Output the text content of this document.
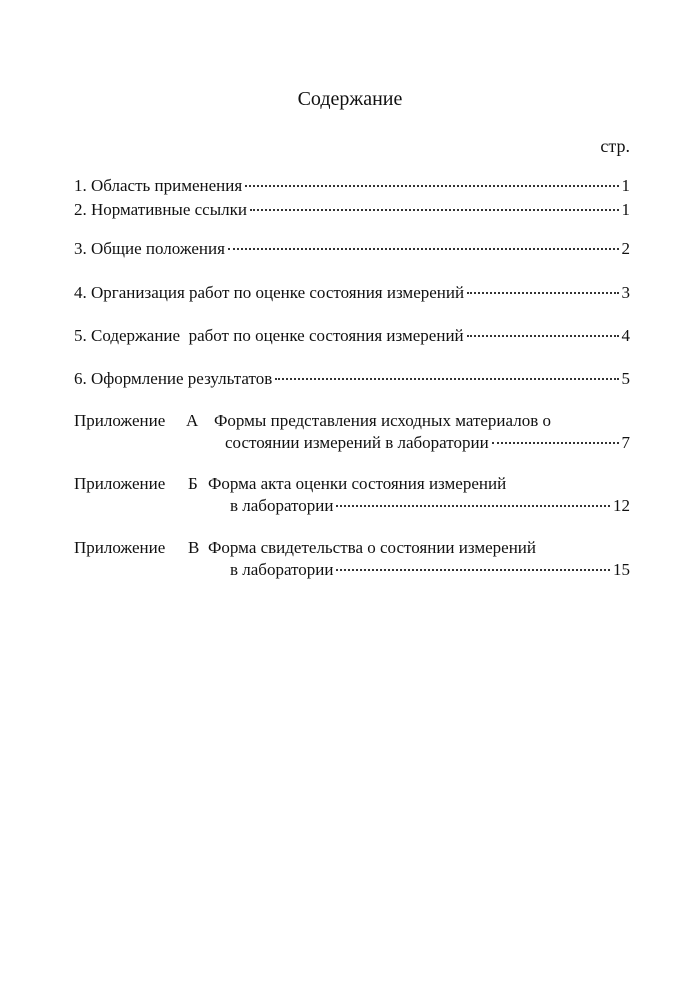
Содержание
стр.
1. Область применения	1
2. Нормативные ссылки	1
3. Общие положения	2
4. Организация работ по оценке состояния измерений	3
5. Содержание  работ по оценке состояния измерений	4
6. Оформление результатов	5
Приложение А Формы представления исходных материалов о
состоянии измерений в лаборатории	7
Приложение Б Форма акта оценки состояния измерений
в лаборатории	12
Приложение В Форма свидетельства о состоянии измерений
в лаборатории	15
